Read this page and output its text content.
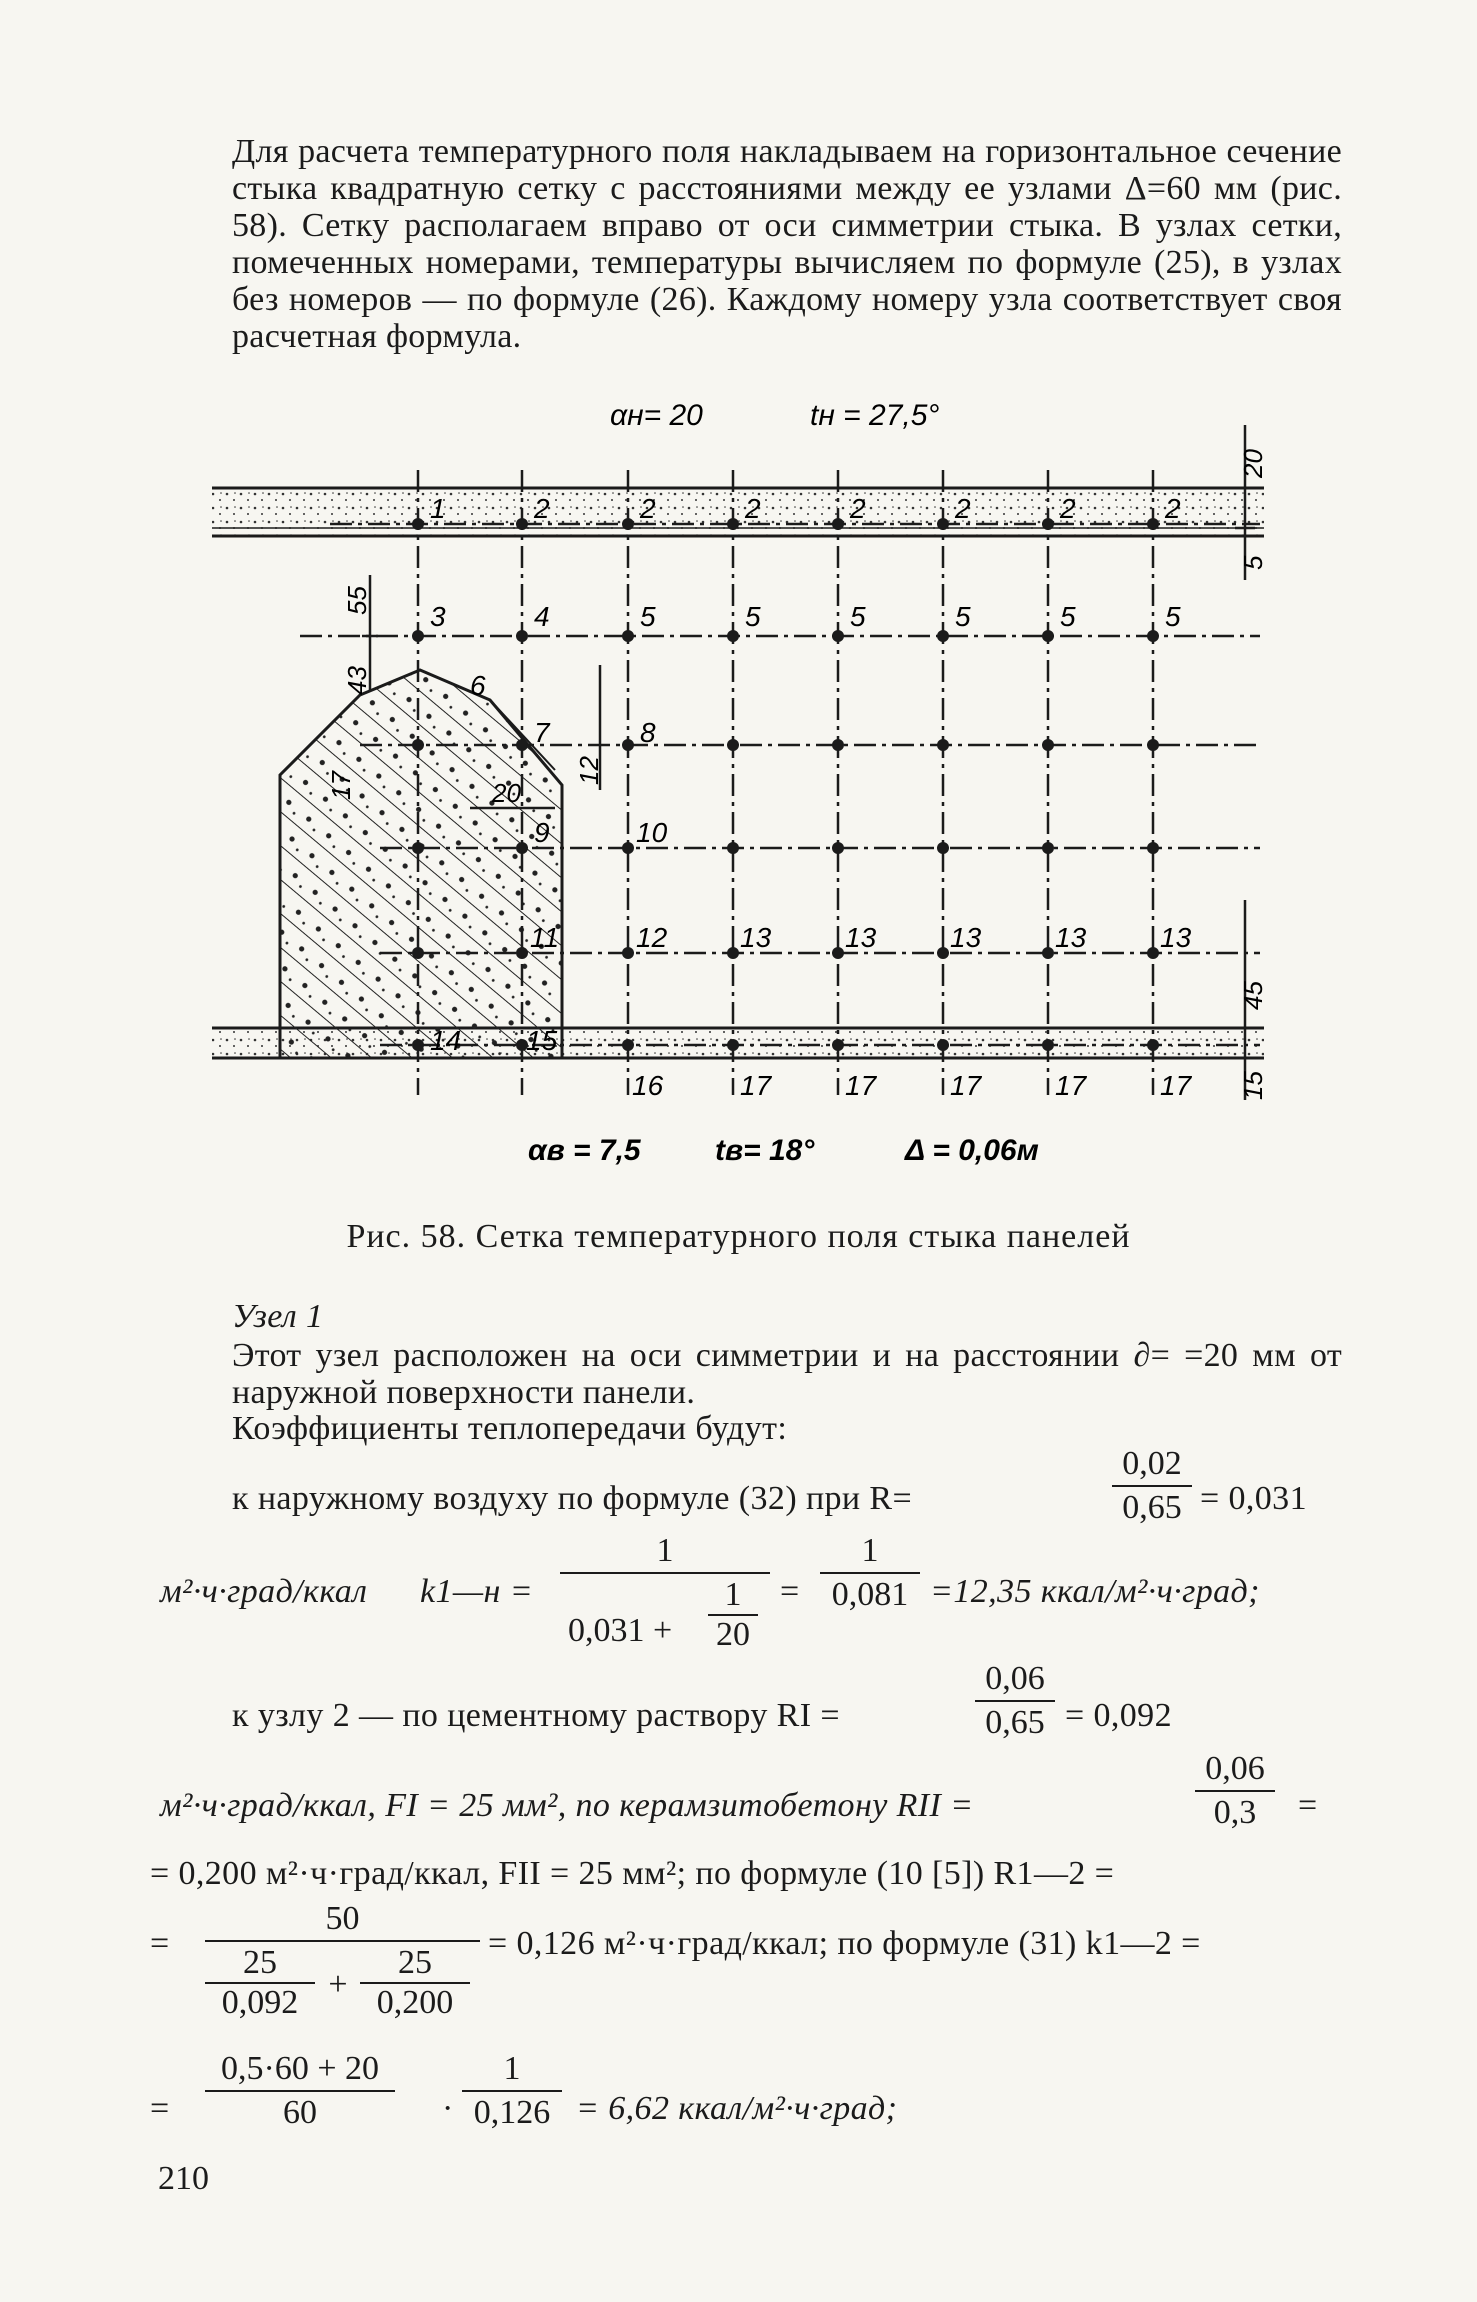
Для расчета температурного поля накладываем на горизонтальное сечение стыка квадратную сетку с расстояниями между ее узлами Δ=60 мм (рис. 58). Сетку располагаем вправо от оси симметрии стыка. В узлах сетки, помеченных номерами, температуры вычисляем по формуле (25), в узлах без номеров — по формуле (26). Каждому номеру узла соответствует своя расчетная формула.

αн= 20	tн = 27,5°
αв = 7,5 tв= 18°	Δ = 0,06м
20
5
55
43
17	20
12
45
15
1	2	2	2	2	2	2	2
3	4	5	5	5	5	5	5
6
7	8
9	10
11	12	13	13	13	13	13
14 15
16	17	17	17	17	17
Рис. 58. Сетка температурного поля стыка панелей
Узел 1

Этот узел расположен на оси симметрии и на расстоянии ∂= =20 мм от наружной поверхности панели.

Коэффициенты теплопередачи будут:
к наружному воздуху по формуле (32) при R=
0,02
0,65 = 0,031
м²·ч·град/ккал k1—н =
1
0,031 +
1
20
=
1
0,081 =12,35 ккал/м²·ч·град;
к узлу 2 — по цементному раствору RI =
0,06
0,65 = 0,092
м²·ч·град/ккал, FI = 25 мм², по керамзитобетону RII =
0,06
0,3	=
= 0,200 м²·ч·град/ккал, FII = 25 мм²; по формуле (10 [5]) R1—2 =
=
50
25
0,092 +
25
0,200
= 0,126 м²·ч·град/ккал; по формуле (31) k1—2 =
=
0,5·60 + 20
60	·
1
0,126 = 6,62 ккал/м²·ч·град;
210
